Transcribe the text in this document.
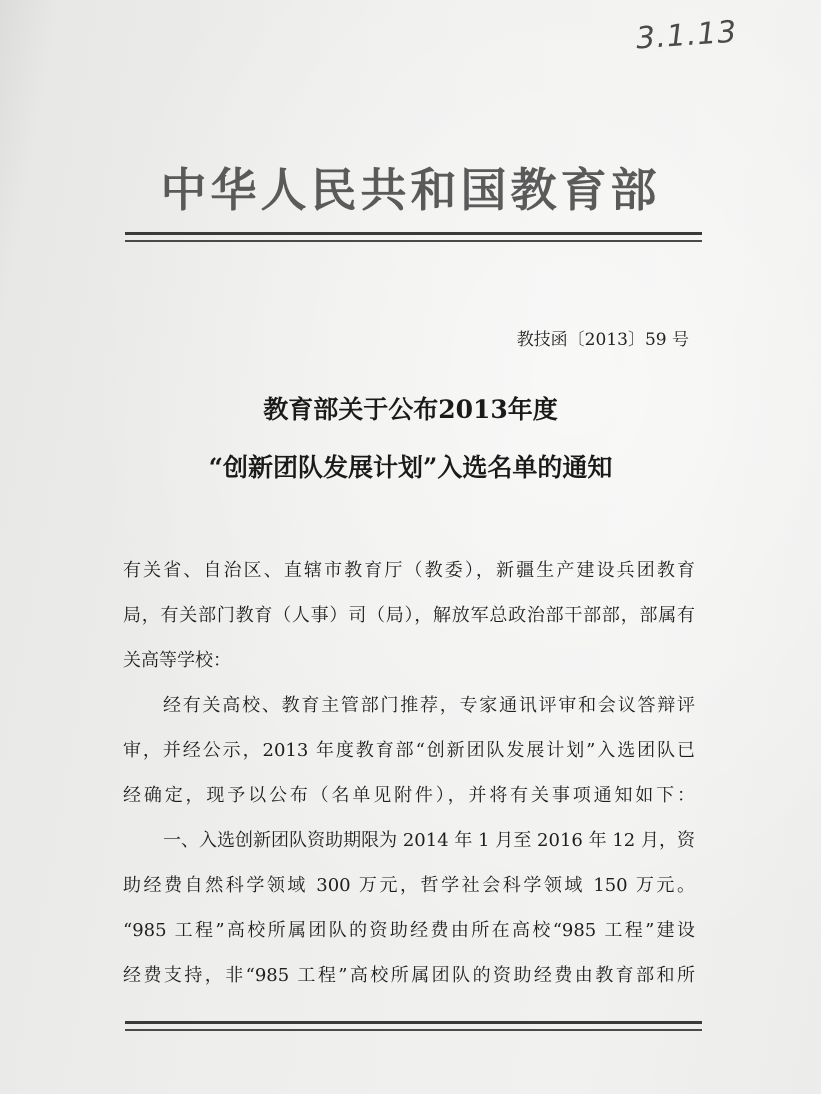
3.1.13
中华人民共和国教育部
教技函〔2013〕59 号
教育部关于公布2013年度
“创新团队发展计划”入选名单的通知
有关省、自治区、直辖市教育厅（教委），新疆生产建设兵团教育
局，有关部门教育（人事）司（局），解放军总政治部干部部，部属有
关高等学校：
经有关高校、教育主管部门推荐，专家通讯评审和会议答辩评
审，并经公示，2013 年度教育部“创新团队发展计划”入选团队已
经确定，现予以公布（名单见附件），并将有关事项通知如下：
一、入选创新团队资助期限为 2014 年 1 月至 2016 年 12 月，资
助经费自然科学领域 300 万元，哲学社会科学领域 150 万元。
“985 工程”高校所属团队的资助经费由所在高校“985 工程”建设
经费支持，非“985 工程”高校所属团队的资助经费由教育部和所
